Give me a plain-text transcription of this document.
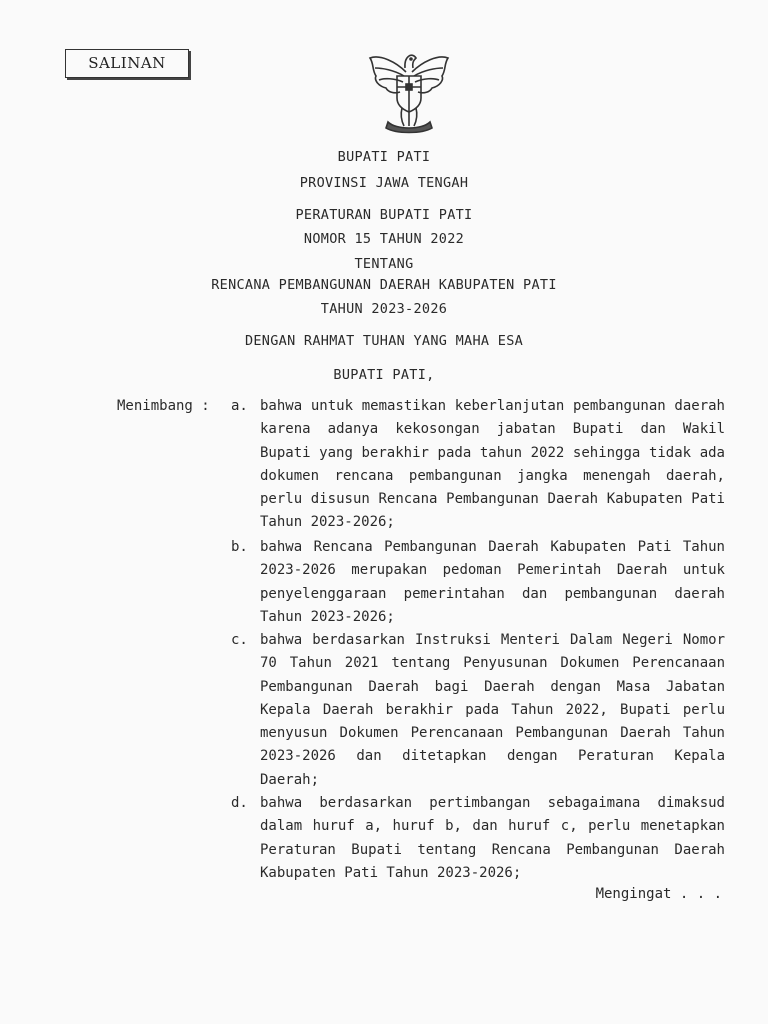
SALINAN
BUPATI PATI
PROVINSI JAWA TENGAH
PERATURAN BUPATI PATI
NOMOR 15 TAHUN 2022
TENTANG
RENCANA PEMBANGUNAN DAERAH KABUPATEN PATI
TAHUN 2023-2026
DENGAN RAHMAT TUHAN YANG MAHA ESA
BUPATI PATI,
Menimbang : a. bahwa untuk memastikan keberlanjutan pembangunan daerah karena adanya kekosongan jabatan Bupati dan Wakil Bupati yang berakhir pada tahun 2022 sehingga tidak ada dokumen rencana pembangunan jangka menengah daerah, perlu disusun Rencana Pembangunan Daerah Kabupaten Pati Tahun 2023-2026;
b. bahwa Rencana Pembangunan Daerah Kabupaten Pati Tahun 2023-2026 merupakan pedoman Pemerintah Daerah untuk penyelenggaraan pemerintahan dan pembangunan daerah Tahun 2023-2026;
c. bahwa berdasarkan Instruksi Menteri Dalam Negeri Nomor 70 Tahun 2021 tentang Penyusunan Dokumen Perencanaan Pembangunan Daerah bagi Daerah dengan Masa Jabatan Kepala Daerah berakhir pada Tahun 2022, Bupati perlu menyusun Dokumen Perencanaan Pembangunan Daerah Tahun 2023-2026 dan ditetapkan dengan Peraturan Kepala Daerah;
d. bahwa berdasarkan pertimbangan sebagaimana dimaksud dalam huruf a, huruf b, dan huruf c, perlu menetapkan Peraturan Bupati tentang Rencana Pembangunan Daerah Kabupaten Pati Tahun 2023-2026;
Mengingat . . .
